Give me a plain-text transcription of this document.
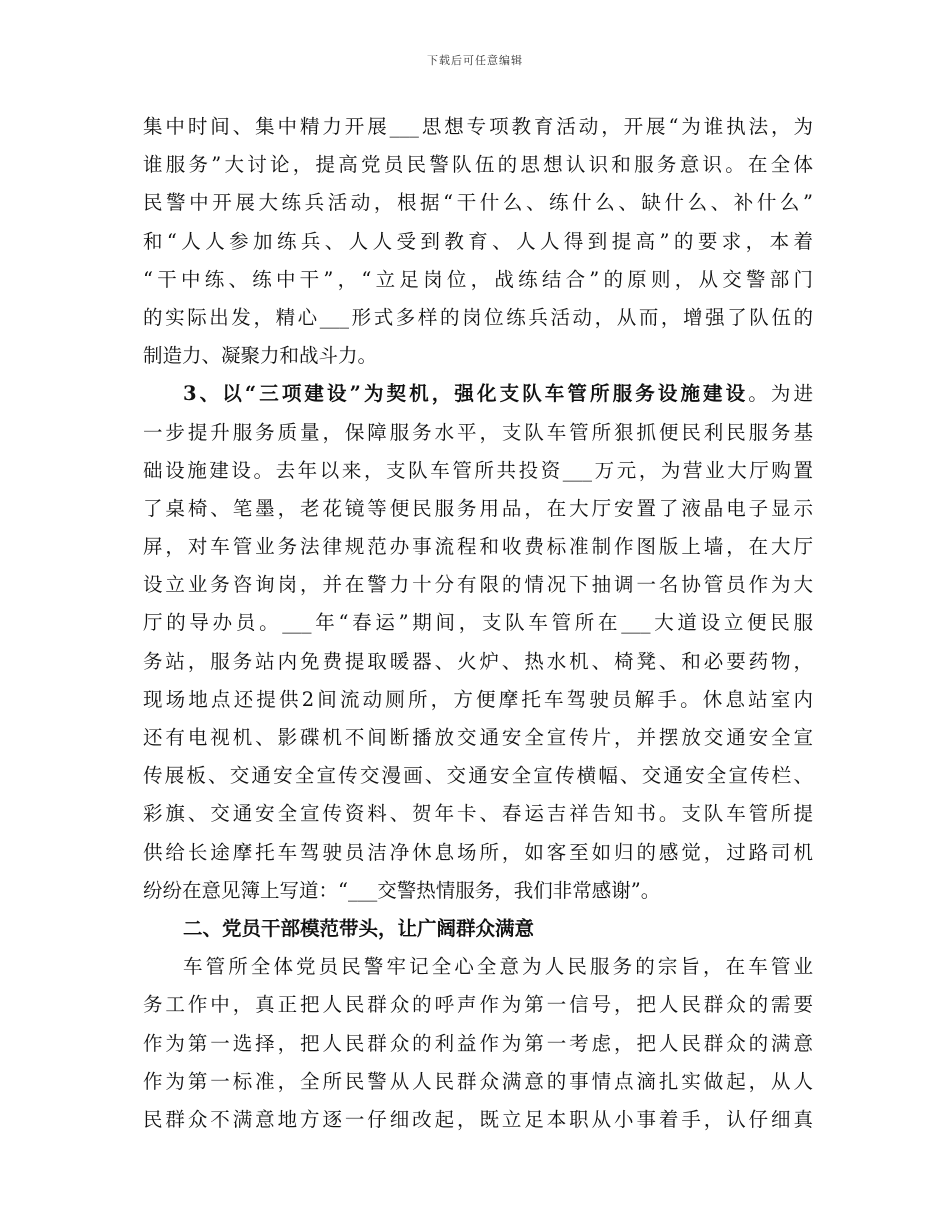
下载后可任意编辑
集中时间、集中精力开展___思想专项教育活动，开展“为谁执法，为
谁服务”大讨论，提高党员民警队伍的思想认识和服务意识。在全体
民警中开展大练兵活动，根据“干什么、练什么、缺什么、补什么”
和“人人参加练兵、人人受到教育、人人得到提高”的要求，本着
“干中练、练中干”，“立足岗位，战练结合”的原则，从交警部门
的实际出发，精心___形式多样的岗位练兵活动，从而，增强了队伍的
制造力、凝聚力和战斗力。
3、以“三项建设”为契机，强化支队车管所服务设施建设。为进
一步提升服务质量，保障服务水平，支队车管所狠抓便民利民服务基
础设施建设。去年以来，支队车管所共投资___万元，为营业大厅购置
了桌椅、笔墨，老花镜等便民服务用品，在大厅安置了液晶电子显示
屏，对车管业务法律规范办事流程和收费标准制作图版上墙，在大厅
设立业务咨询岗，并在警力十分有限的情况下抽调一名协管员作为大
厅的导办员。___年“春运”期间，支队车管所在___大道设立便民服
务站，服务站内免费提取暖器、火炉、热水机、椅凳、和必要药物，
现场地点还提供2间流动厕所，方便摩托车驾驶员解手。休息站室内
还有电视机、影碟机不间断播放交通安全宣传片，并摆放交通安全宣
传展板、交通安全宣传交漫画、交通安全宣传横幅、交通安全宣传栏、
彩旗、交通安全宣传资料、贺年卡、春运吉祥告知书。支队车管所提
供给长途摩托车驾驶员洁净休息场所，如客至如归的感觉，过路司机
纷纷在意见簿上写道：“___交警热情服务，我们非常感谢”。
二、党员干部模范带头，让广阔群众满意
车管所全体党员民警牢记全心全意为人民服务的宗旨，在车管业
务工作中，真正把人民群众的呼声作为第一信号，把人民群众的需要
作为第一选择，把人民群众的利益作为第一考虑，把人民群众的满意
作为第一标准，全所民警从人民群众满意的事情点滴扎实做起，从人
民群众不满意地方逐一仔细改起，既立足本职从小事着手，认仔细真
